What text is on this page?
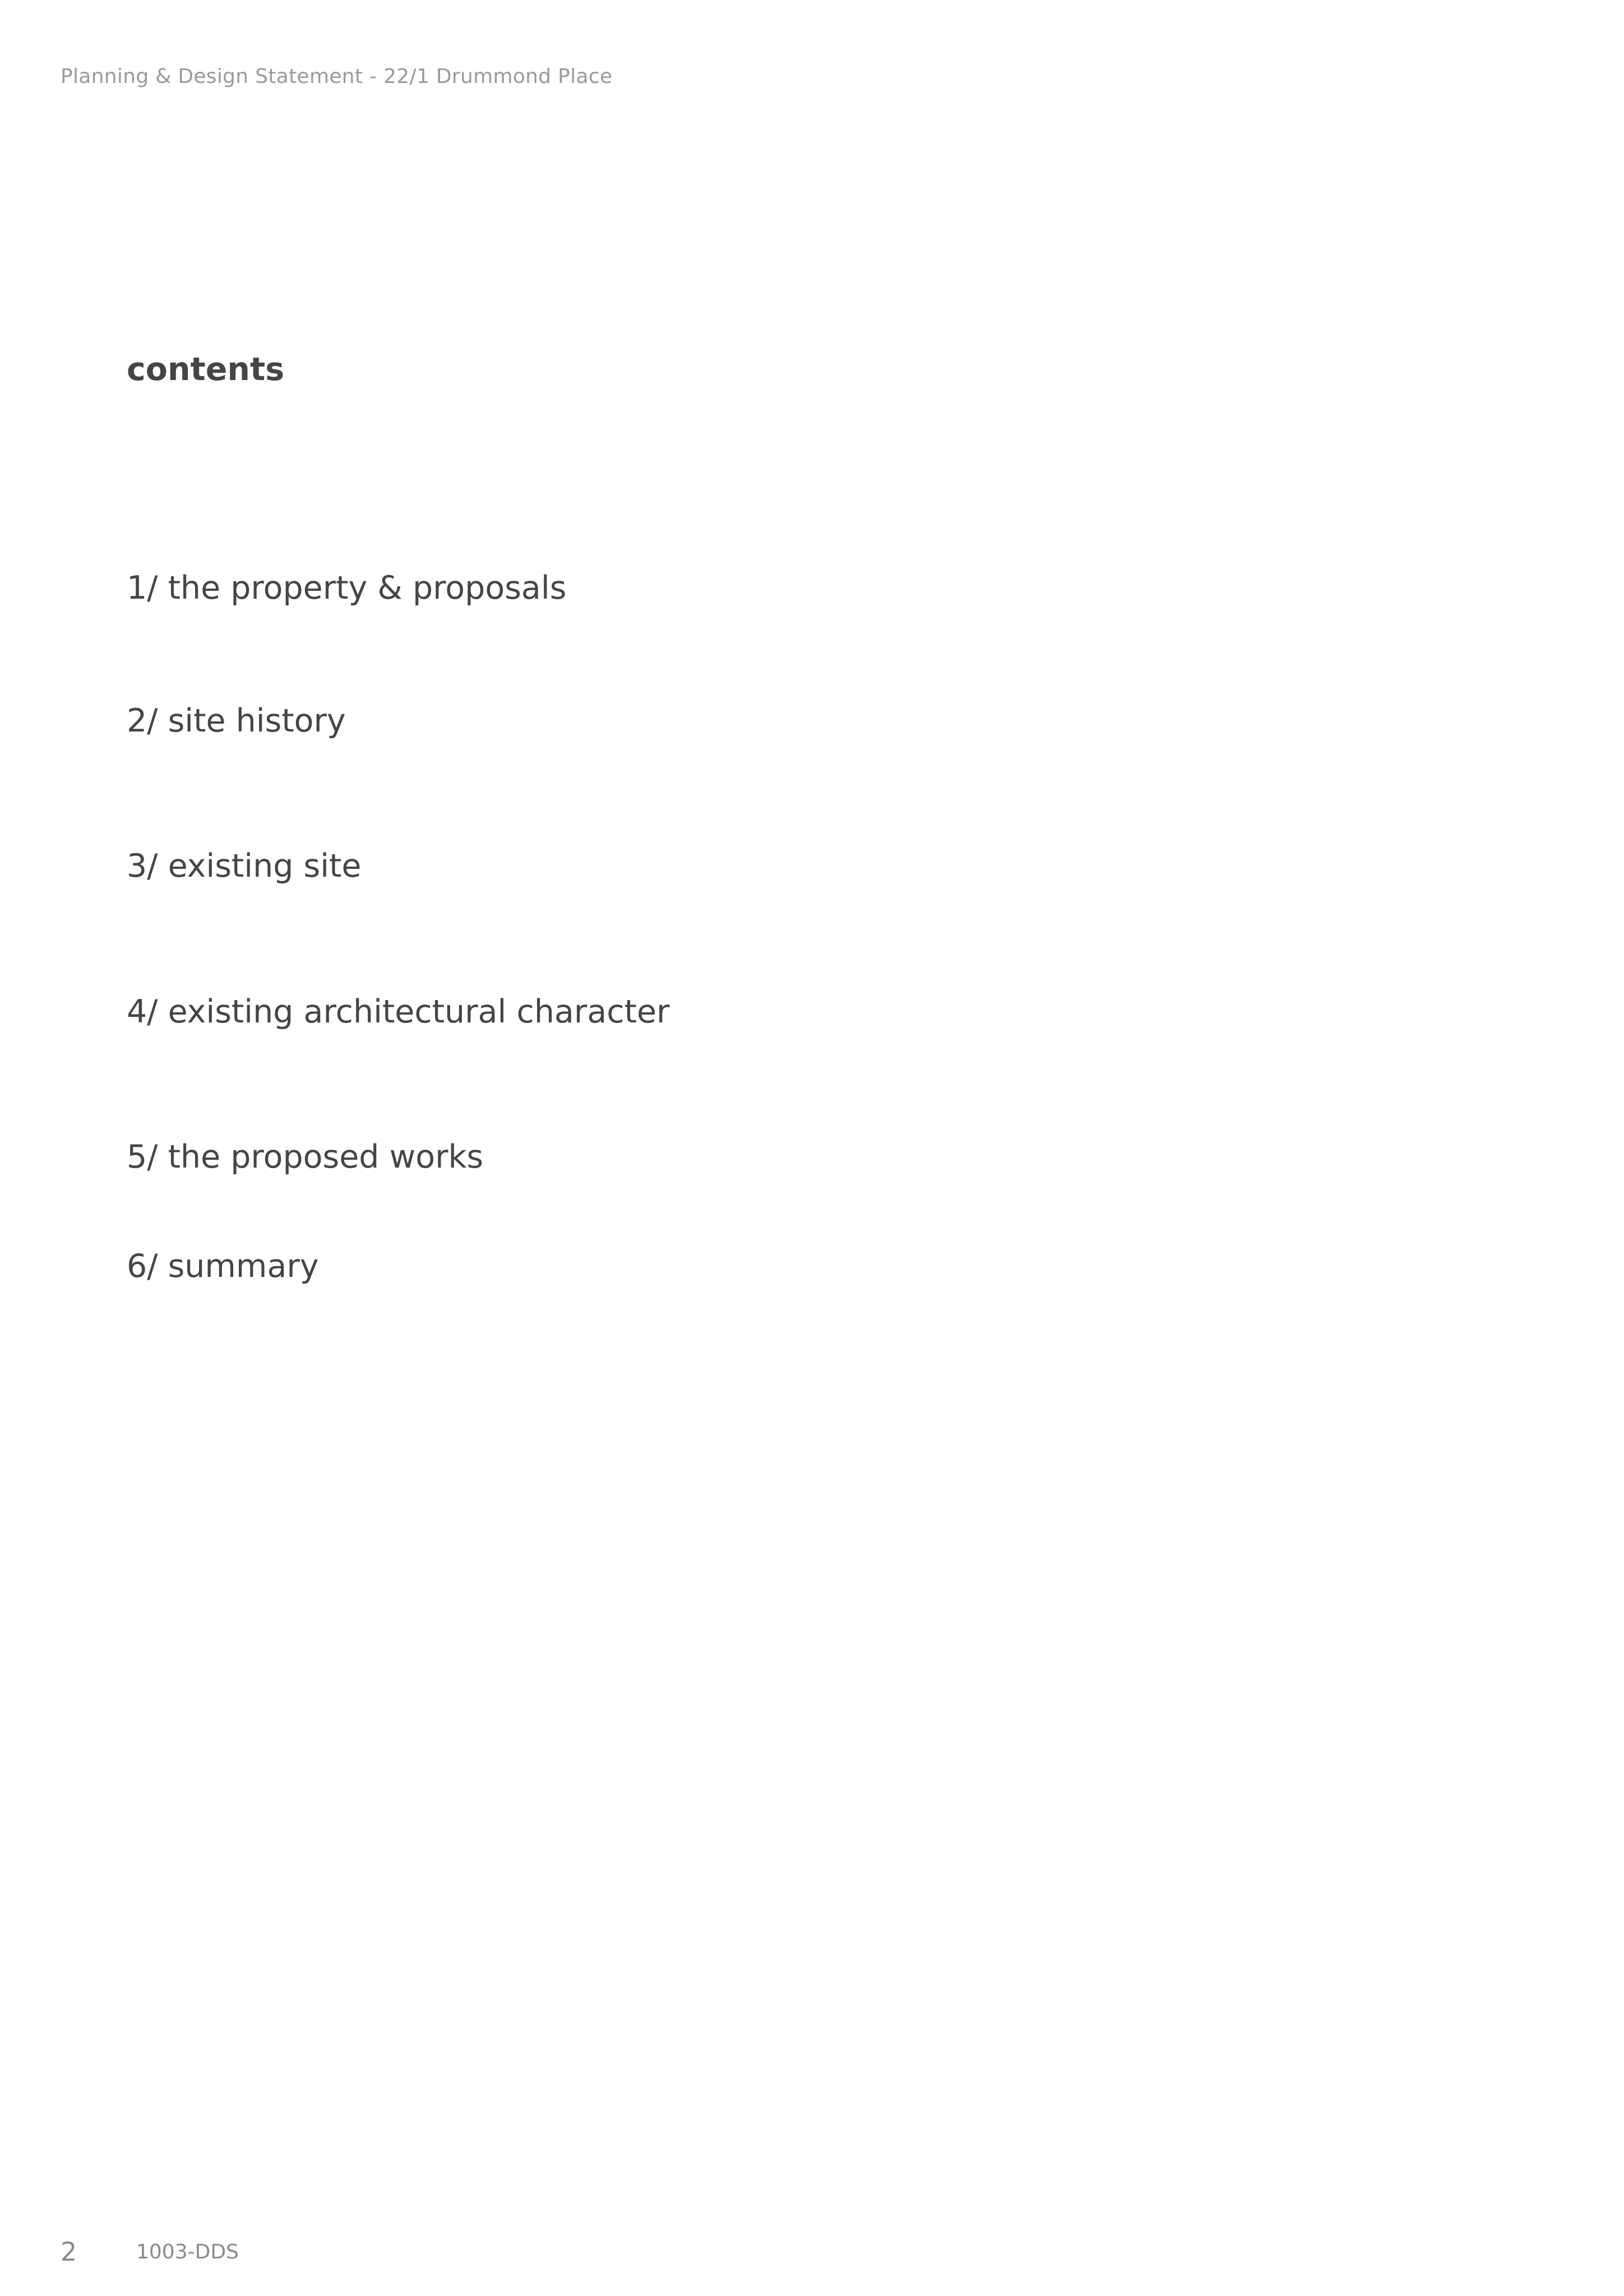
Planning & Design Statement - 22/1 Drummond Place
contents
1/ the property & proposals
2/ site history
3/ existing site
4/ existing architectural character
5/ the proposed works
6/ summary
2	1003-DDS
